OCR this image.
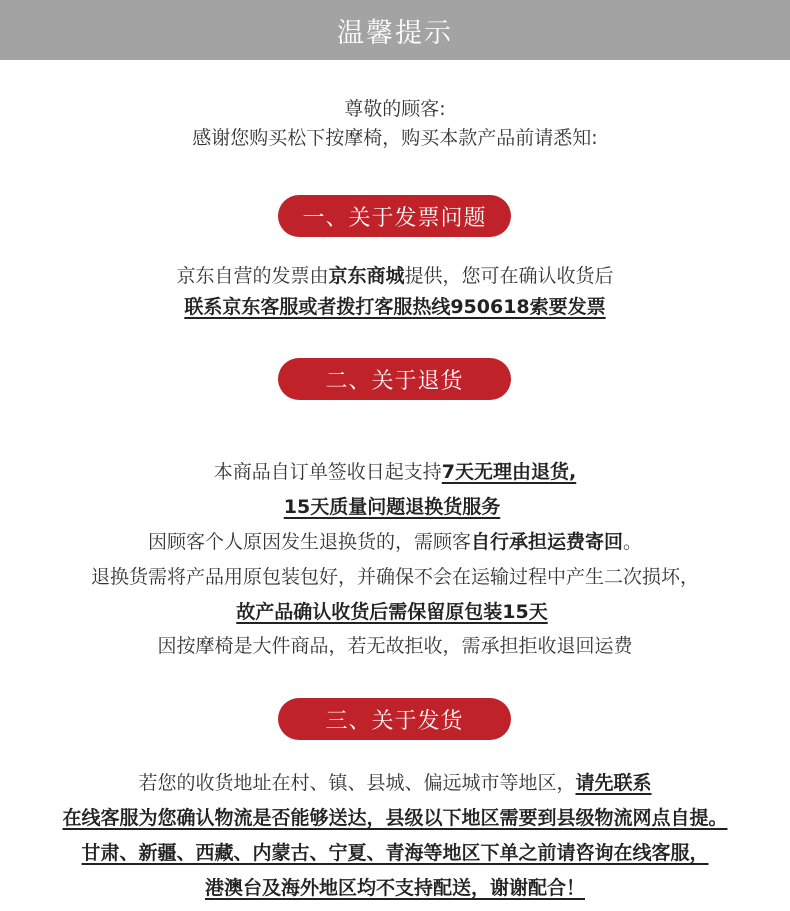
温馨提示
尊敬的顾客:
感谢您购买松下按摩椅，购买本款产品前请悉知:
一、关于发票问题
京东自营的发票由京东商城提供，您可在确认收货后
联系京东客服或者拨打客服热线950618索要发票
二、关于退货
本商品自订单签收日起支持7天无理由退货,
15天质量问题退换货服务
因顾客个人原因发生退换货的，需顾客自行承担运费寄回。
退换货需将产品用原包装包好，并确保不会在运输过程中产生二次损坏，
故产品确认收货后需保留原包装15天
因按摩椅是大件商品，若无故拒收，需承担拒收退回运费
三、关于发货
若您的收货地址在村、镇、县城、偏远城市等地区，请先联系
在线客服为您确认物流是否能够送达，县级以下地区需要到县级物流网点自提。
甘肃、新疆、西藏、内蒙古、宁夏、青海等地区下单之前请咨询在线客服，
港澳台及海外地区均不支持配送，谢谢配合！
